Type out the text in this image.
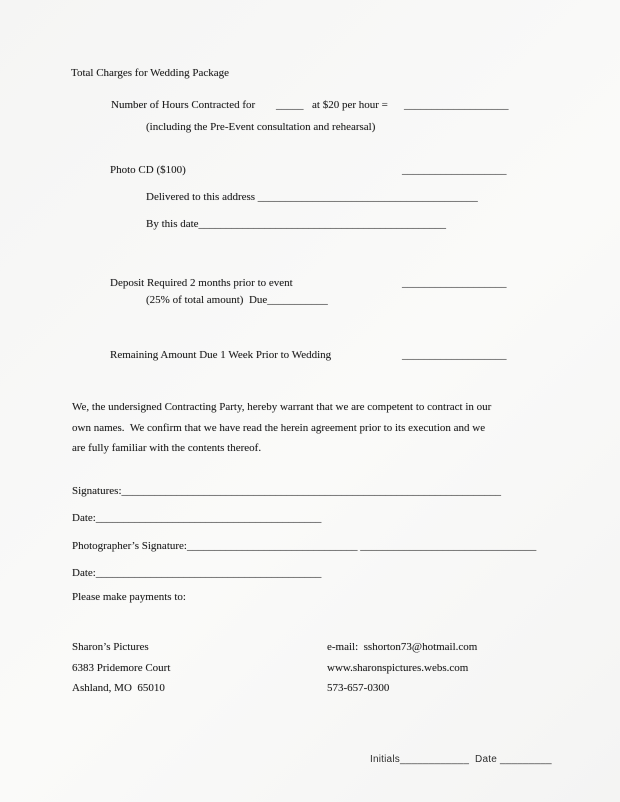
Total Charges for Wedding Package
Number of Hours Contracted for _____ at $20 per hour = ___________________
(including the Pre-Event consultation and rehearsal)
Photo CD ($100)	___________________
Delivered to this address ________________________________________
By this date_____________________________________________
Deposit Required 2 months prior to event	___________________
(25% of total amount)  Due___________
Remaining Amount Due 1 Week Prior to Wedding	___________________
We, the undersigned Contracting Party, hereby warrant that we are competent to contract in our
own names.  We confirm that we have read the herein agreement prior to its execution and we
are fully familiar with the contents thereof.
Signatures:_____________________________________________________________________
Date:_________________________________________
Photographer’s Signature:_______________________________ ________________________________
Date:_________________________________________
Please make payments to:
Sharon’s Pictures
6383 Pridemore Court
Ashland, MO  65010
e-mail:  sshorton73@hotmail.com
www.sharonspictures.webs.com
573-657-0300
Initials____________  Date _________
